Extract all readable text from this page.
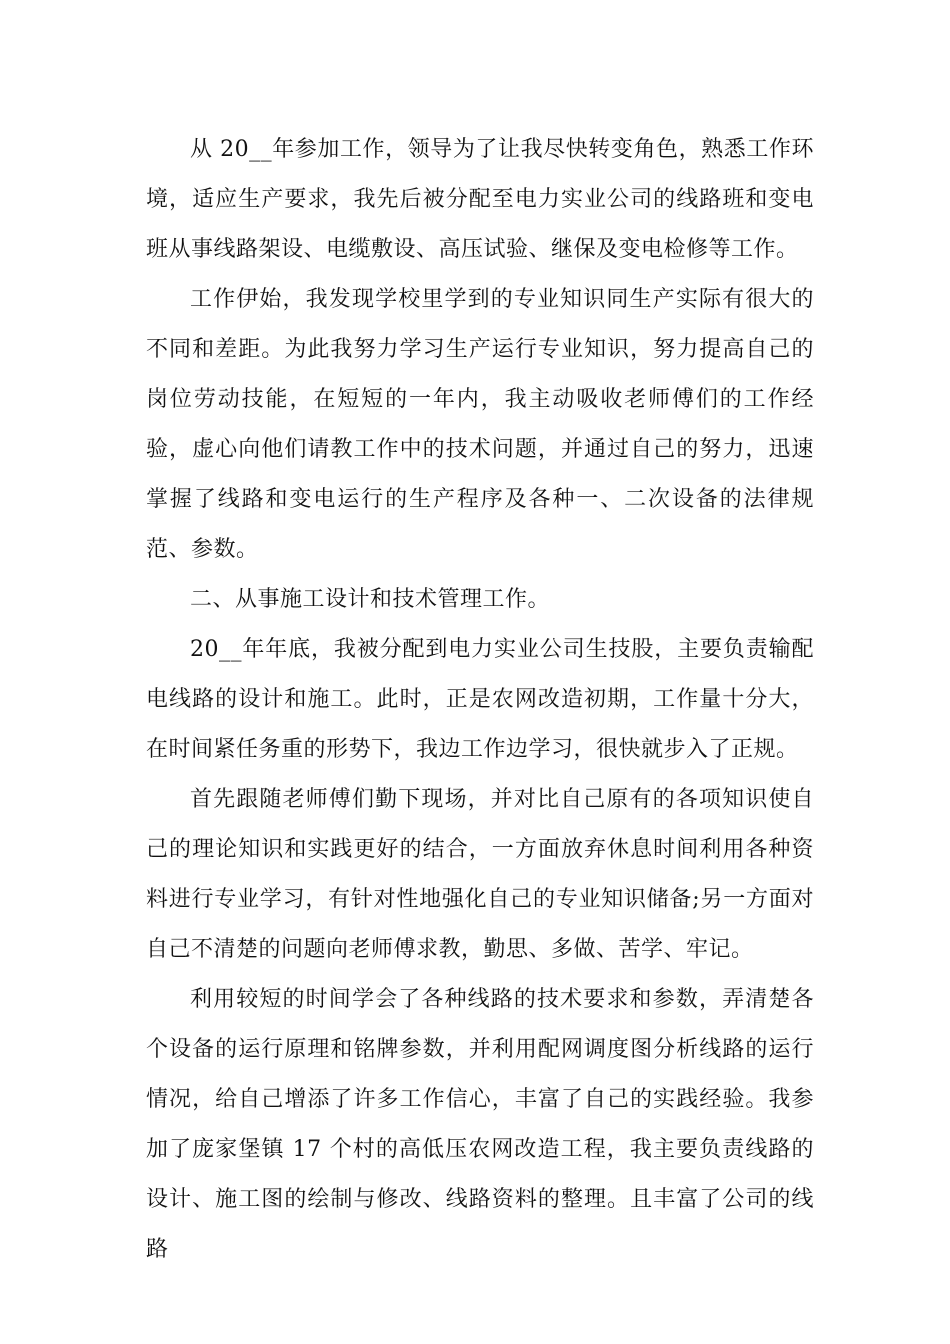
从 20__年参加工作，领导为了让我尽快转变角色，熟悉工作环境，适应生产要求，我先后被分配至电力实业公司的线路班和变电班从事线路架设、电缆敷设、高压试验、继保及变电检修等工作。

工作伊始，我发现学校里学到的专业知识同生产实际有很大的不同和差距。为此我努力学习生产运行专业知识，努力提高自己的岗位劳动技能，在短短的一年内，我主动吸收老师傅们的工作经验，虚心向他们请教工作中的技术问题，并通过自己的努力，迅速掌握了线路和变电运行的生产程序及各种一、二次设备的法律规范、参数。

二、从事施工设计和技术管理工作。

20__年年底，我被分配到电力实业公司生技股，主要负责输配电线路的设计和施工。此时，正是农网改造初期，工作量十分大，在时间紧任务重的形势下，我边工作边学习，很快就步入了正规。

首先跟随老师傅们勤下现场，并对比自己原有的各项知识使自己的理论知识和实践更好的结合，一方面放弃休息时间利用各种资料进行专业学习，有针对性地强化自己的专业知识储备;另一方面对自己不清楚的问题向老师傅求教，勤思、多做、苦学、牢记。

利用较短的时间学会了各种线路的技术要求和参数，弄清楚各个设备的运行原理和铭牌参数，并利用配网调度图分析线路的运行情况，给自己增添了许多工作信心，丰富了自己的实践经验。我参加了庞家堡镇 17 个村的高低压农网改造工程，我主要负责线路的设计、施工图的绘制与修改、线路资料的整理。且丰富了公司的线路
